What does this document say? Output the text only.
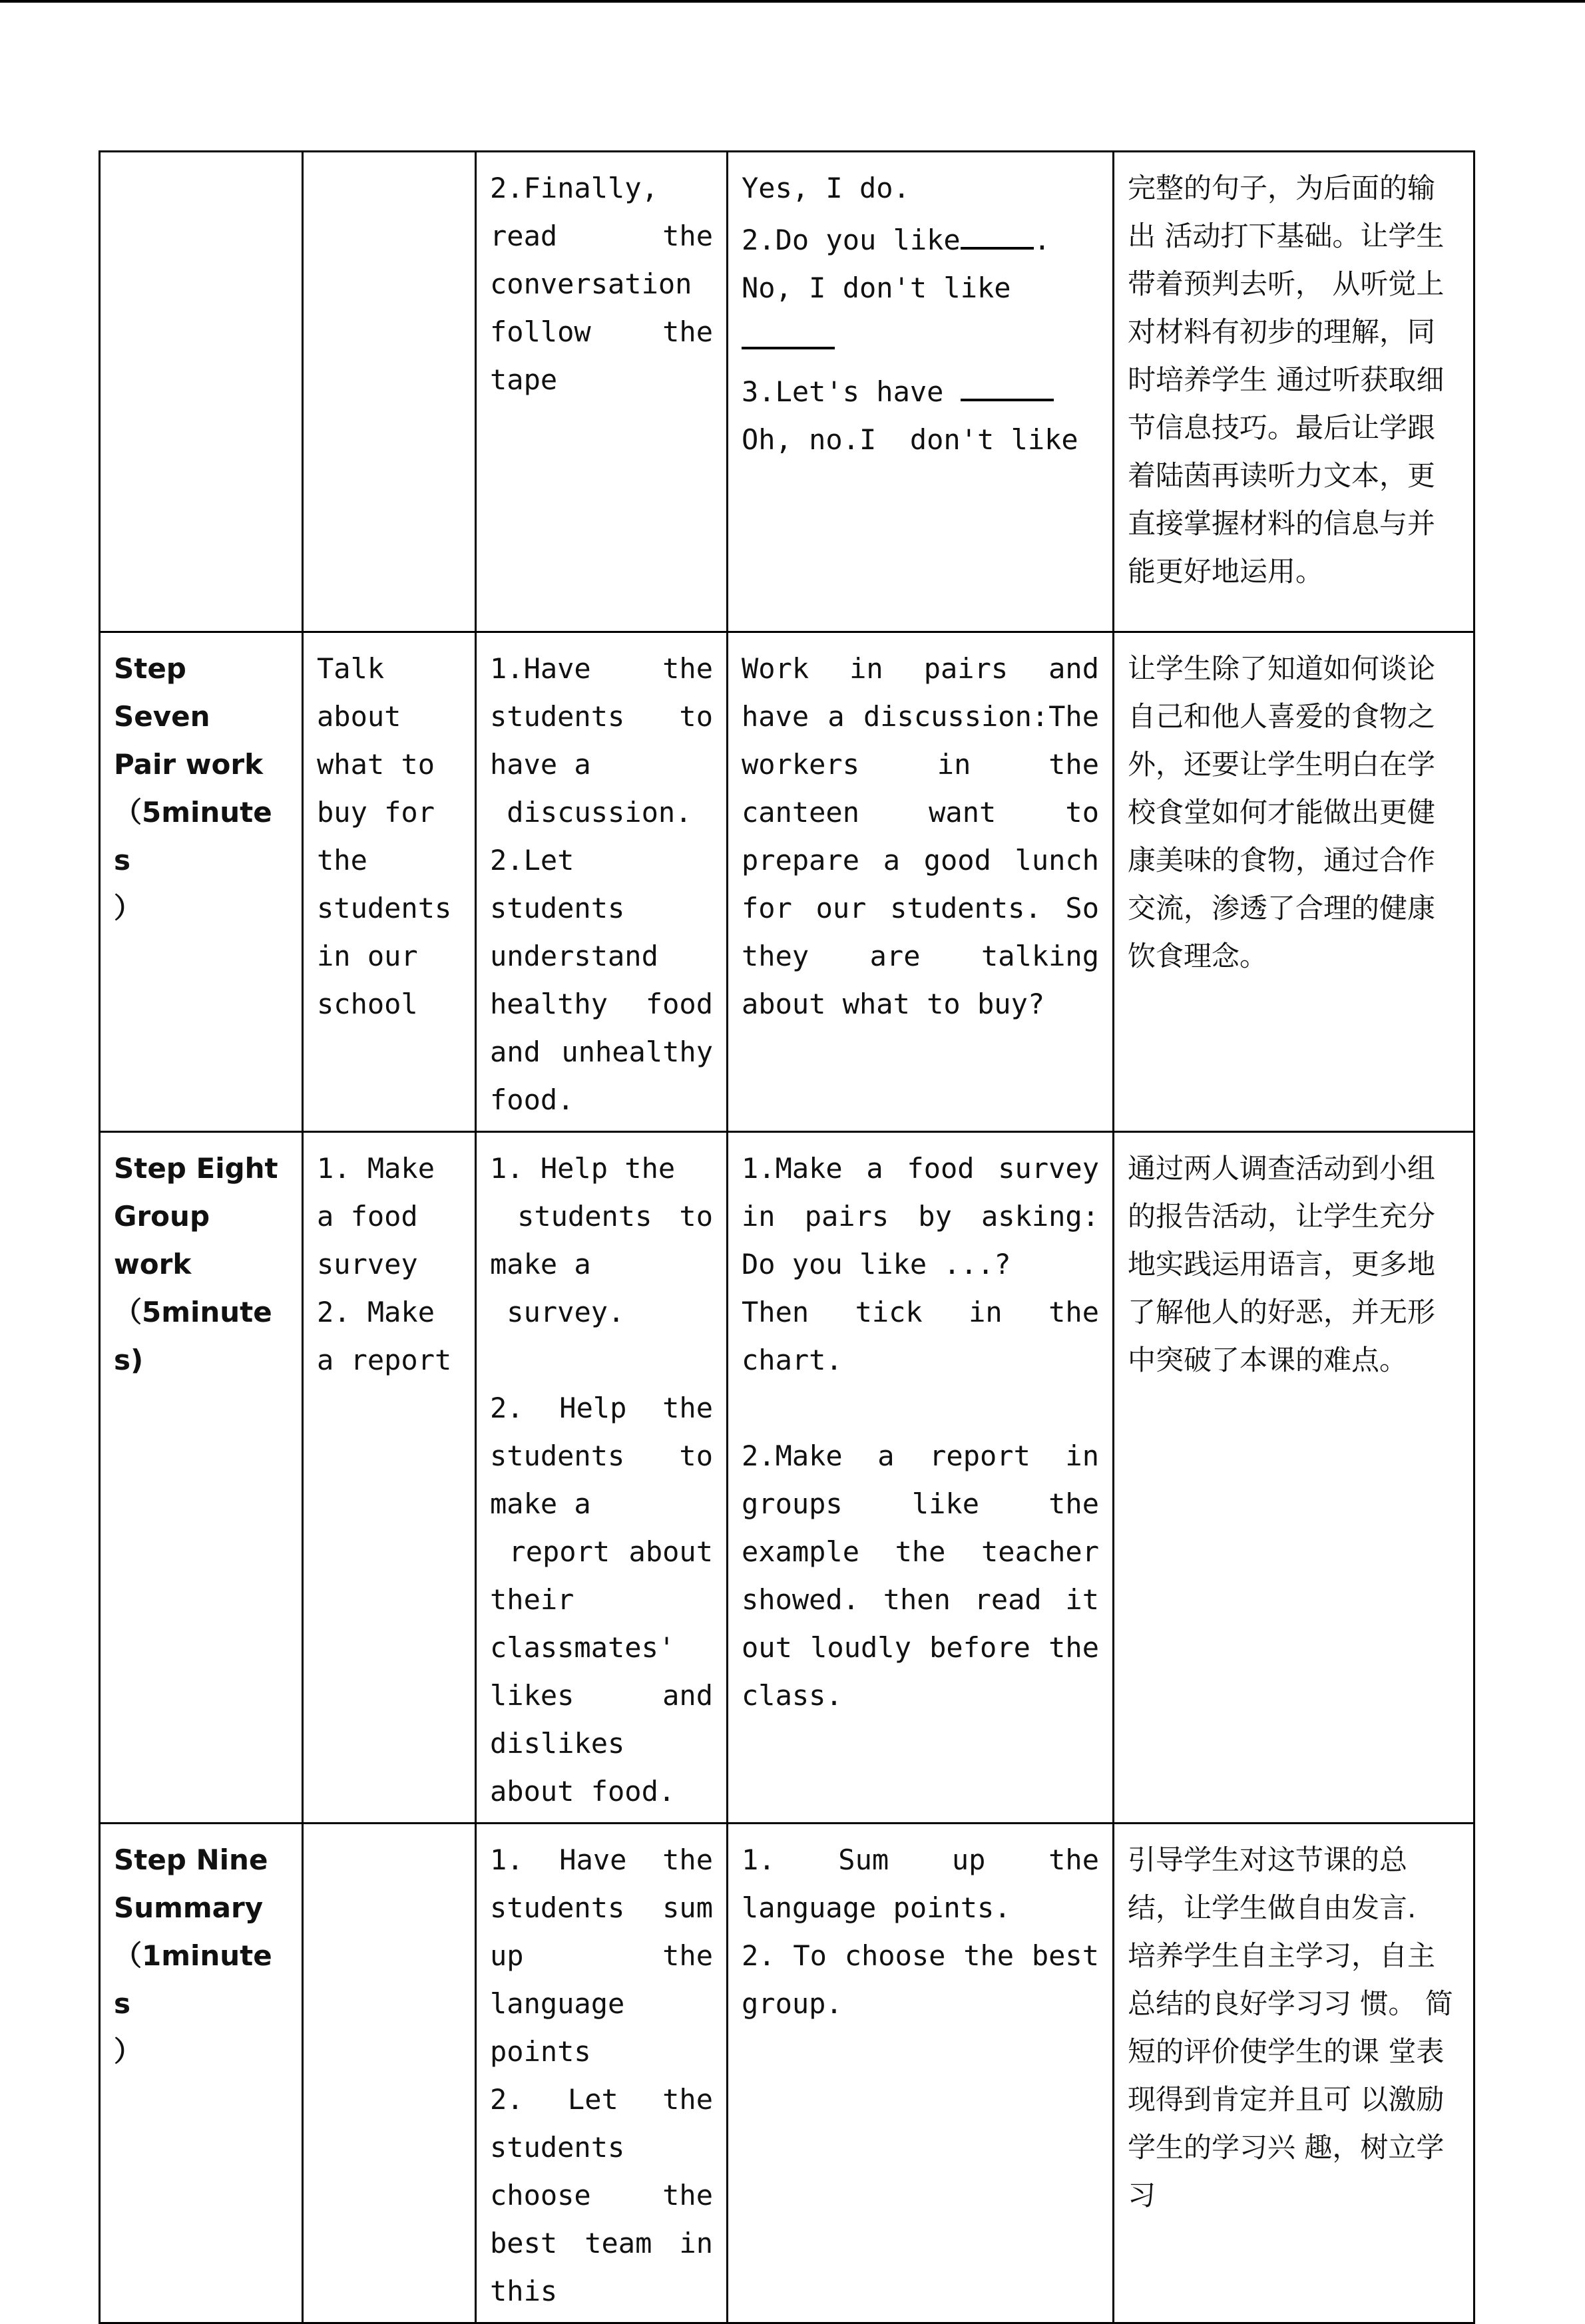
		2.Finally, read the conversation follow the tape	Yes, I do.
2.Do you like .
No, I don't like
3.Let's have
Oh, no.I  don't like	完整的句子，为后面的输出 活动打下基础。让学生带着预判去听， 从听觉上对材料有初步的理解，同时培养学生 通过听获取细节信息技巧。最后让学跟着陆茵再读听力文本，更直接掌握材料的信息与并能更好地运用。
Step Seven
Pair work
（5minutes
）	Talk about what to buy for the students in our school	1.Have the students to have a
discussion.
2.Let students understand healthy food and unhealthy food.	Work in pairs and have a discussion:The workers in the canteen want to prepare a good lunch for our students. So they are talking about what to buy?	让学生除了知道如何谈论自己和他人喜爱的食物之外，还要让学生明白在学校食堂如何才能做出更健康美味的食物，通过合作交流，渗透了合理的健康饮食理念。
Step Eight
Group work
（5minutes)	1. Make a food survey
2. Make a report	1. Help the
students to make a
survey.

2. Help the students to make a
report about their classmates' likes and dislikes about food.	1.Make a food survey in pairs by asking: Do you like ...?
Then tick in the chart.

2.Make a report in groups like the example the teacher showed. then read it out loudly before the class.	通过两人调查活动到小组的报告活动，让学生充分地实践运用语言，更多地了解他人的好恶，并无形中突破了本课的难点。
Step Nine
Summary
（1minutes
）		1. Have the students sum up the language points
2. Let the students choose the best team in this	1. Sum up the language points.
2. To choose the best group.	引导学生对这节课的总结，让学生做自由发言.   培养学生自主学习，自主总结的良好学习习 惯。 简短的评价使学生的课 堂表现得到肯定并且可 以激励学生的学习兴 趣，树立学习
